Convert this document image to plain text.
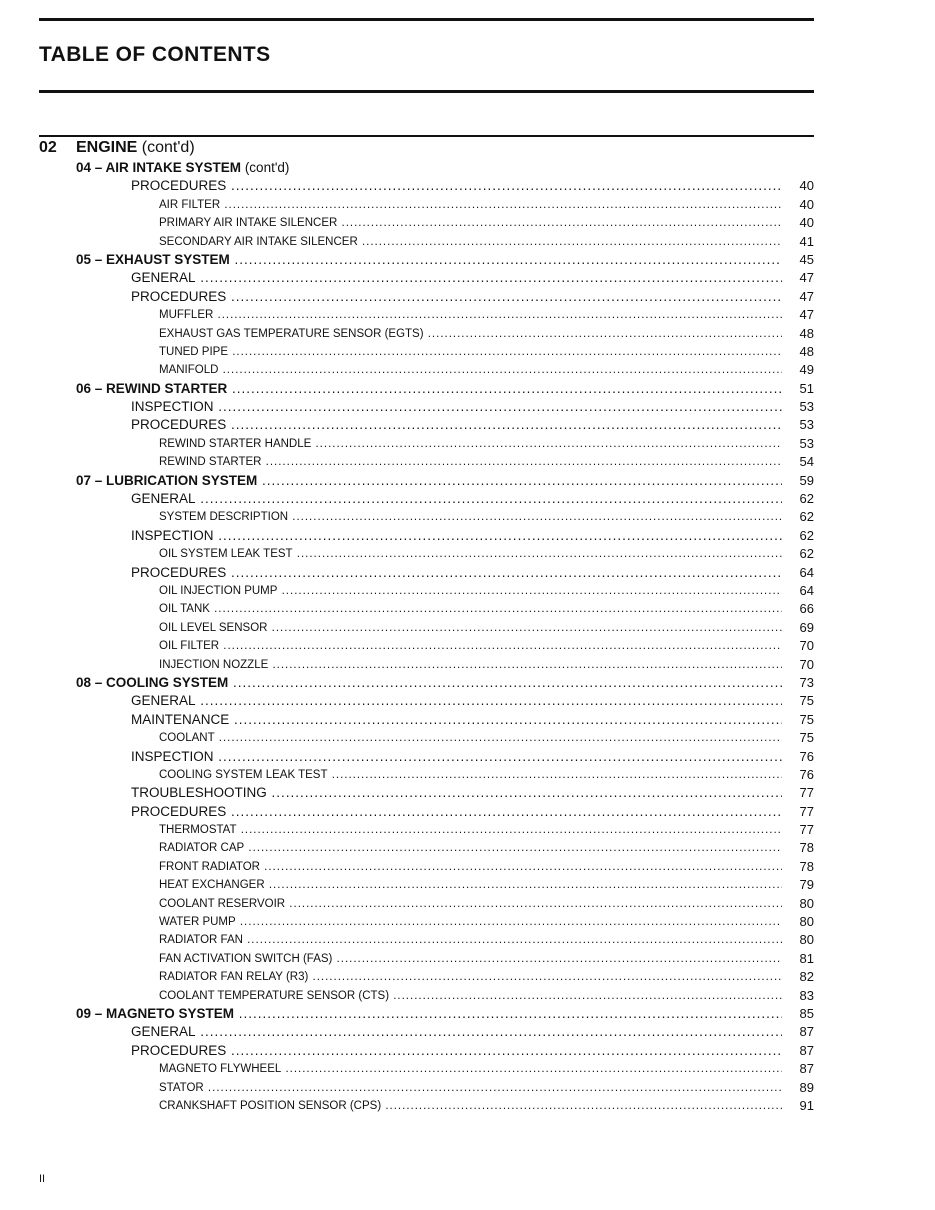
TABLE OF CONTENTS
02 ENGINE (cont'd)
04 – AIR INTAKE SYSTEM (cont'd)
PROCEDURES .....	40
AIR FILTER .....	40
PRIMARY AIR INTAKE SILENCER .....	40
SECONDARY AIR INTAKE SILENCER .....	41
05 – EXHAUST SYSTEM .....	45
GENERAL .....	47
PROCEDURES .....	47
MUFFLER .....	47
EXHAUST GAS TEMPERATURE SENSOR (EGTS) .....	48
TUNED PIPE .....	48
MANIFOLD .....	49
06 – REWIND STARTER .....	51
INSPECTION .....	53
PROCEDURES .....	53
REWIND STARTER HANDLE .....	53
REWIND STARTER .....	54
07 – LUBRICATION SYSTEM .....	59
GENERAL .....	62
SYSTEM DESCRIPTION .....	62
INSPECTION .....	62
OIL SYSTEM LEAK TEST .....	62
PROCEDURES .....	64
OIL INJECTION PUMP .....	64
OIL TANK .....	66
OIL LEVEL SENSOR .....	69
OIL FILTER .....	70
INJECTION NOZZLE .....	70
08 – COOLING SYSTEM .....	73
GENERAL .....	75
MAINTENANCE .....	75
COOLANT .....	75
INSPECTION .....	76
COOLING SYSTEM LEAK TEST .....	76
TROUBLESHOOTING .....	77
PROCEDURES .....	77
THERMOSTAT .....	77
RADIATOR CAP .....	78
FRONT RADIATOR .....	78
HEAT EXCHANGER .....	79
COOLANT RESERVOIR .....	80
WATER PUMP .....	80
RADIATOR FAN .....	80
FAN ACTIVATION SWITCH (FAS) .....	81
RADIATOR FAN RELAY (R3) .....	82
COOLANT TEMPERATURE SENSOR (CTS) .....	83
09 – MAGNETO SYSTEM .....	85
GENERAL .....	87
PROCEDURES .....	87
MAGNETO FLYWHEEL .....	87
STATOR .....	89
CRANKSHAFT POSITION SENSOR (CPS) .....	91
II
